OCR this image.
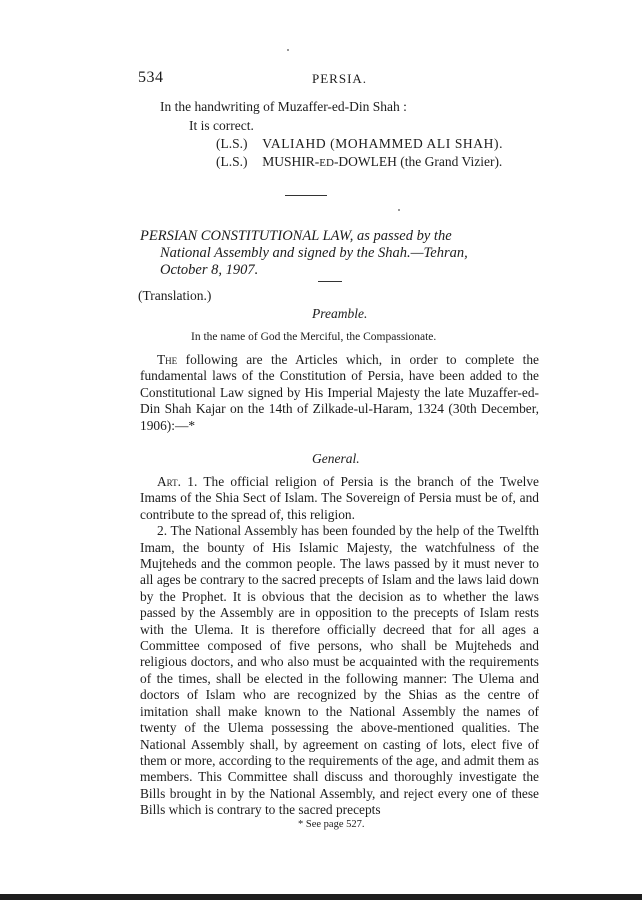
534	PERSIA.
In the handwriting of Muzaffer-ed-Din Shah :
It is correct.
(L.S.) VALIAHD (MOHAMMED ALI SHAH).
(L.S.) MUSHIR-ED-DOWLEH (the Grand Vizier).
PERSIAN CONSTITUTIONAL LAW, as passed by the
National Assembly and signed by the Shah.—Tehran,
October 8, 1907.
(Translation.)
Preamble.
In the name of God the Merciful, the Compassionate.

The following are the Articles which, in order to complete the fundamental laws of the Constitution of Persia, have been added to the Constitutional Law signed by His Imperial Majesty the late Muzaffer-ed-Din Shah Kajar on the 14th of Zilkade-ul-Haram, 1324 (30th December, 1906):—*

General.

Art. 1. The official religion of Persia is the branch of the Twelve Imams of the Shia Sect of Islam. The Sovereign of Persia must be of, and contribute to the spread of, this religion.

2. The National Assembly has been founded by the help of the Twelfth Imam, the bounty of His Islamic Majesty, the watchfulness of the Mujteheds and the common people. The laws passed by it must never to all ages be contrary to the sacred precepts of Islam and the laws laid down by the Prophet. It is obvious that the decision as to whether the laws passed by the Assembly are in opposition to the precepts of Islam rests with the Ulema. It is therefore officially decreed that for all ages a Committee composed of five persons, who shall be Mujteheds and religious doctors, and who also must be acquainted with the requirements of the times, shall be elected in the following manner: The Ulema and doctors of Islam who are recognized by the Shias as the centre of imitation shall make known to the National Assembly the names of twenty of the Ulema possessing the above-mentioned qualities. The National Assembly shall, by agreement on casting of lots, elect five of them or more, according to the requirements of the age, and admit them as members. This Committee shall discuss and thoroughly investigate the Bills brought in by the National Assembly, and reject every one of these Bills which is contrary to the sacred precepts

* See page 527.
